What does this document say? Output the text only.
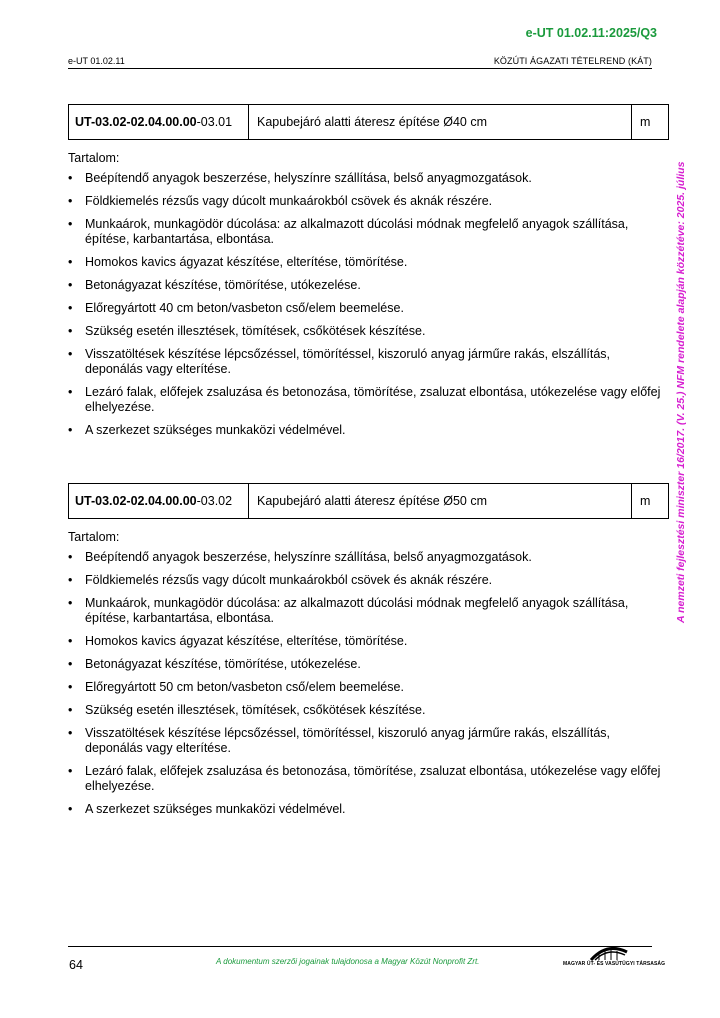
e-UT 01.02.11:2025/Q3
e-UT 01.02.11	KÖZÚTI ÁGAZATI TÉTELREND (KÁT)
A nemzeti fejlesztési miniszter 16/2017. (V. 25.) NFM rendelete alapján közzétéve: 2025. július
UT-03.02-02.04.00.00 -03.01	Kapubejáró alatti áteresz építése Ø40 cm	m
Tartalom:
• Beépítendő anyagok beszerzése, helyszínre szállítása, belső anyagmozgatások.
• Földkiemelés rézsűs vagy dúcolt munkaárokból csövek és aknák részére.
• Munkaárok, munkagödör dúcolása: az alkalmazott dúcolási módnak megfelelő anyagok szállítása, építése, karbantartása, elbontása.
• Homokos kavics ágyazat készítése, elterítése, tömörítése.
• Betonágyazat készítése, tömörítése, utókezelése.
• Előregyártott 40 cm beton/vasbeton cső/elem beemelése.
• Szükség esetén illesztések, tömítések, csőkötések készítése.
• Visszatöltések készítése lépcsőzéssel, tömörítéssel, kiszoruló anyag járműre rakás, elszállítás, deponálás vagy elterítése.
• Lezáró falak, előfejek zsaluzása és betonozása, tömörítése, zsaluzat elbontása, utókezelése vagy előfej elhelyezése.
• A szerkezet szükséges munkaközi védelmével.
UT-03.02-02.04.00.00 -03.02	Kapubejáró alatti áteresz építése Ø50 cm	m
Tartalom:
• Beépítendő anyagok beszerzése, helyszínre szállítása, belső anyagmozgatások.
• Földkiemelés rézsűs vagy dúcolt munkaárokból csövek és aknák részére.
• Munkaárok, munkagödör dúcolása: az alkalmazott dúcolási módnak megfelelő anyagok szállítása, építése, karbantartása, elbontása.
• Homokos kavics ágyazat készítése, elterítése, tömörítése.
• Betonágyazat készítése, tömörítése, utókezelése.
• Előregyártott 50 cm beton/vasbeton cső/elem beemelése.
• Szükség esetén illesztések, tömítések, csőkötések készítése.
• Visszatöltések készítése lépcsőzéssel, tömörítéssel, kiszoruló anyag járműre rakás, elszállítás, deponálás vagy elterítése.
• Lezáró falak, előfejek zsaluzása és betonozása, tömörítése, zsaluzat elbontása, utókezelése vagy előfej elhelyezése.
• A szerkezet szükséges munkaközi védelmével.
64	A dokumentum szerzői jogainak tulajdonosa a Magyar Közút Nonprofit Zrt.	MAGYAR ÚT- ÉS VASÚTÜGYI TÁRSASÁG
